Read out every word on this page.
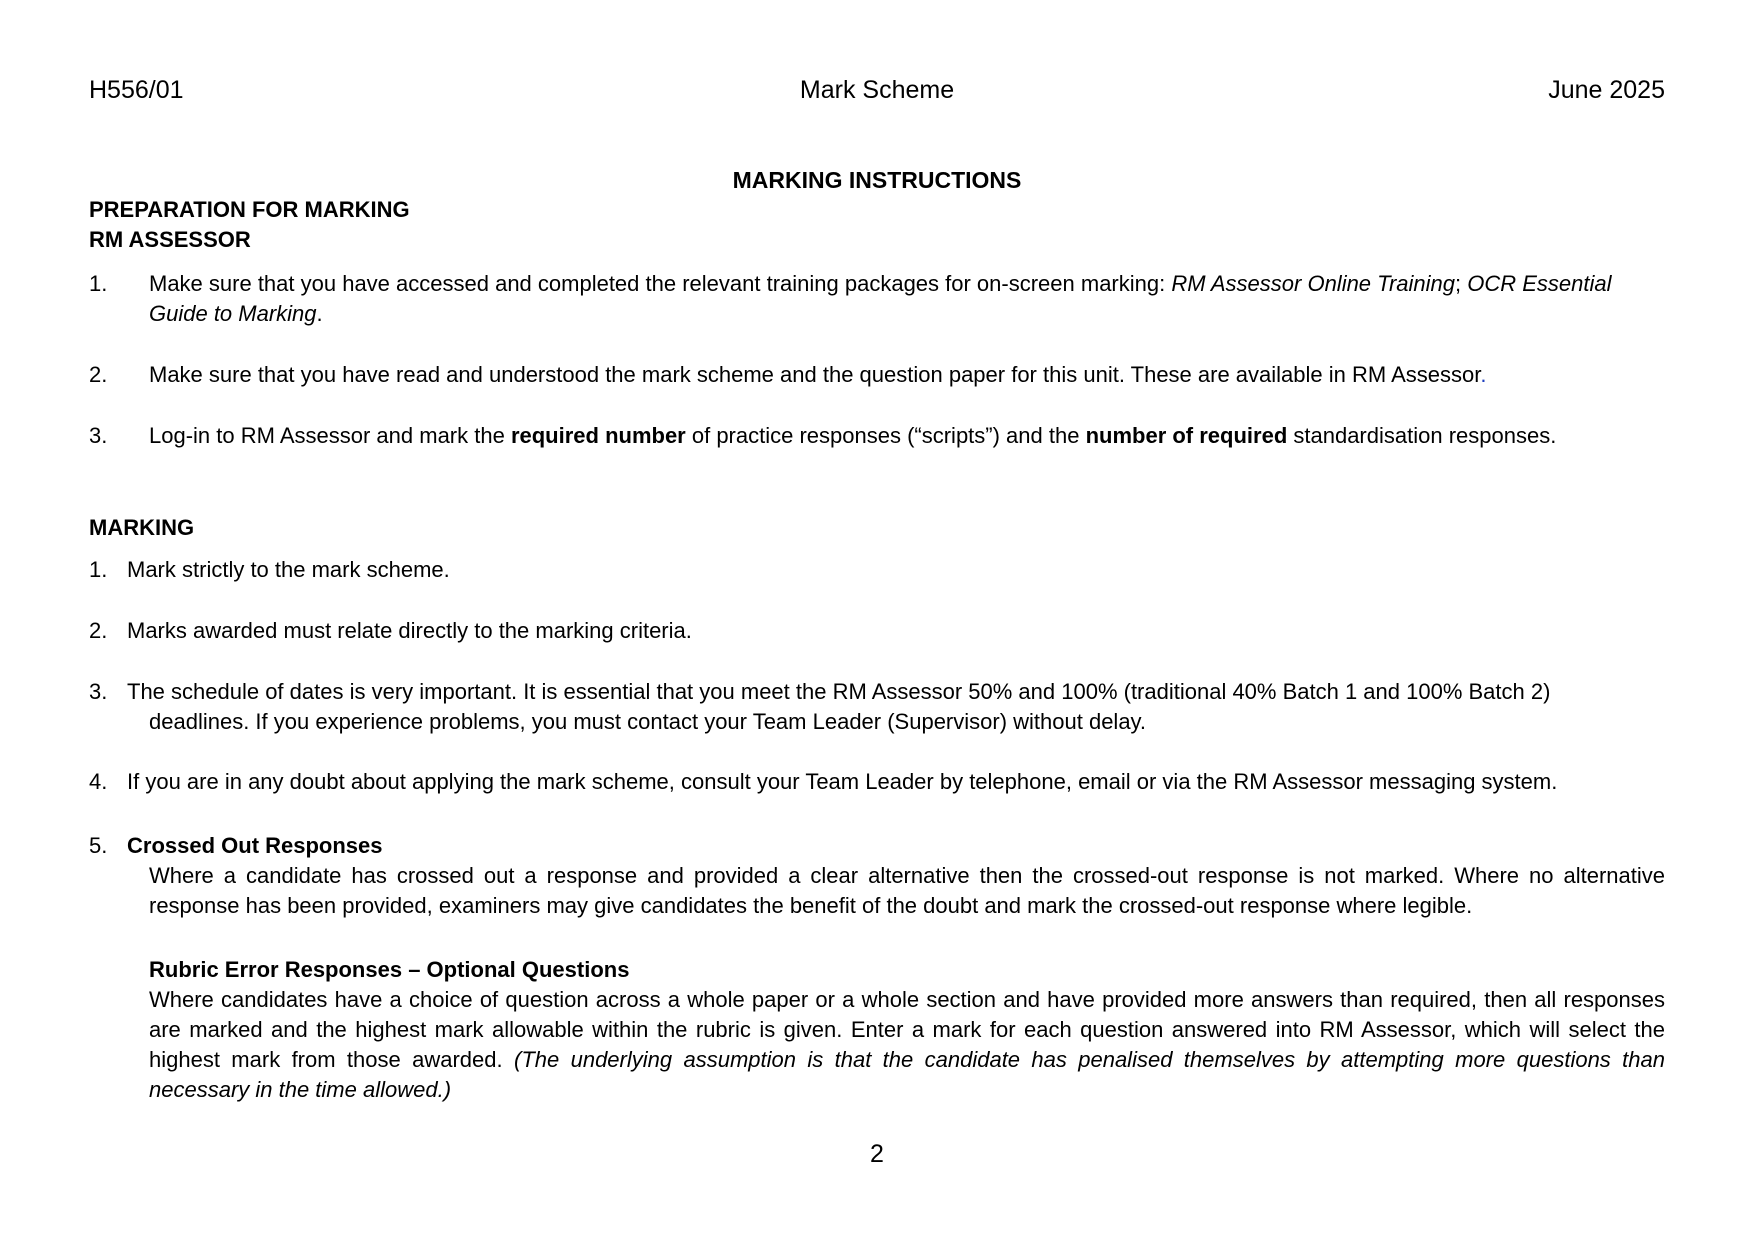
H556/01	Mark Scheme	June 2025
MARKING INSTRUCTIONS
PREPARATION FOR MARKING
RM ASSESSOR
1. Make sure that you have accessed and completed the relevant training packages for on-screen marking: RM Assessor Online Training; OCR Essential Guide to Marking.
2. Make sure that you have read and understood the mark scheme and the question paper for this unit. These are available in RM Assessor.
3. Log-in to RM Assessor and mark the required number of practice responses (“scripts”) and the number of required standardisation responses.
MARKING
1. Mark strictly to the mark scheme.
2. Marks awarded must relate directly to the marking criteria.
3. The schedule of dates is very important. It is essential that you meet the RM Assessor 50% and 100% (traditional 40% Batch 1 and 100% Batch 2)
deadlines. If you experience problems, you must contact your Team Leader (Supervisor) without delay.
4. If you are in any doubt about applying the mark scheme, consult your Team Leader by telephone, email or via the RM Assessor messaging system.
5. Crossed Out Responses
Where a candidate has crossed out a response and provided a clear alternative then the crossed-out response is not marked. Where no alternative response has been provided, examiners may give candidates the benefit of the doubt and mark the crossed-out response where legible.
Rubric Error Responses – Optional Questions
Where candidates have a choice of question across a whole paper or a whole section and have provided more answers than required, then all responses are marked and the highest mark allowable within the rubric is given. Enter a mark for each question answered into RM Assessor, which will select the highest mark from those awarded. (The underlying assumption is that the candidate has penalised themselves by attempting more questions than necessary in the time allowed.)
2
